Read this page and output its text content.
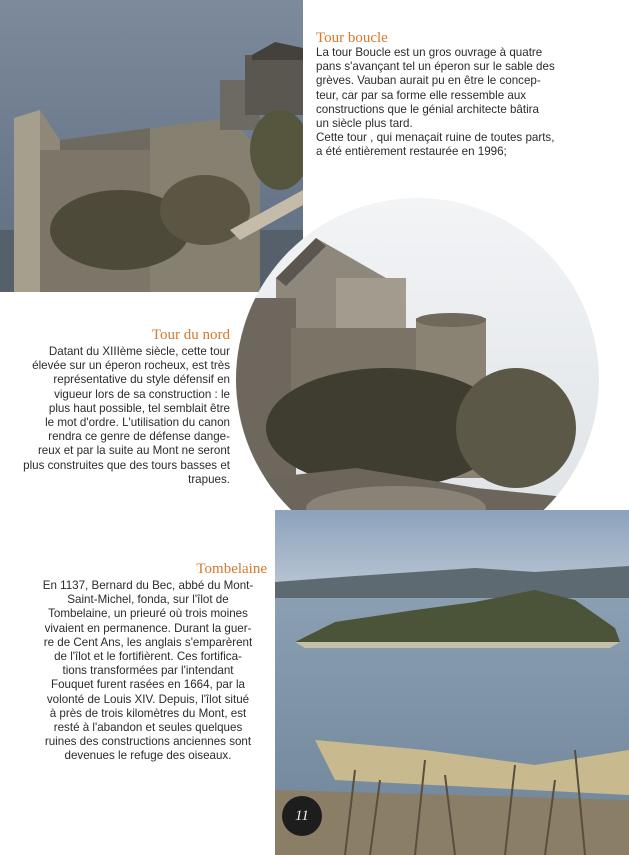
Tour boucle
La tour Boucle est un gros ouvrage à quatre
pans s'avançant tel un éperon sur le sable des
grèves. Vauban aurait pu en être le concep-
teur, car par sa forme elle ressemble aux
constructions que le génial architecte bâtira
un siècle plus tard.
Cette tour , qui menaçait ruine de toutes parts,
a été entièrement restaurée en 1996;
Tour du nord
Datant du XIIIème siècle, cette tour
élevée sur un éperon rocheux, est très
représentative du style défensif en
vigueur lors de sa construction : le
plus haut possible, tel semblait être
le mot d'ordre. L'utilisation du canon
rendra ce genre de défense dange-
reux et par la suite au Mont ne seront
plus construites que des tours basses et
trapues.
Tombelaine
En 1137, Bernard du Bec, abbé du Mont-
Saint-Michel, fonda, sur l'îlot de
Tombelaine, un prieuré où trois moines
vivaient en permanence. Durant la guer-
re de Cent Ans, les anglais s'emparèrent
de l'îlot et le fortifièrent. Ces fortifica-
tions transformées par l'intendant
Fouquet furent rasées en 1664, par la
volonté de Louis XIV. Depuis, l'îlot situé
à près de trois kilomètres du Mont, est
resté à l'abandon et seules quelques
ruines des constructions anciennes sont
devenues le refuge des oiseaux.
11
